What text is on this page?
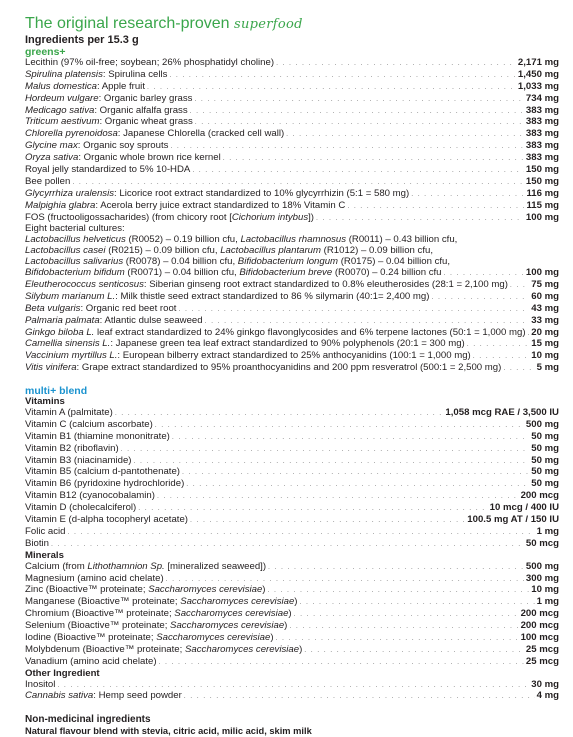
The original research-proven superfood
Ingredients per 15.3 g
greens+
Lecithin (97% oil-free; soybean; 26% phosphatidyl choline) . . .	2,171 mg
Spirulina platensis: Spirulina cells . . .	1,450 mg
Malus domestica: Apple fruit . . .	1,033 mg
Hordeum vulgare: Organic barley grass . . .	734 mg
Medicago sativa: Organic alfalfa grass . . .	383 mg
Triticum aestivum: Organic wheat grass . . .	383 mg
Chlorella pyrenoidosa: Japanese Chlorella (cracked cell wall) . . .	383 mg
Glycine max: Organic soy sprouts . . .	383 mg
Oryza sativa: Organic whole brown rice kernel . . .	383 mg
Royal jelly standardized to 5% 10-HDA . . .	150 mg
Bee pollen . . .	150 mg
Glycyrrhiza uralensis: Licorice root extract standardized to 10% glycyrrhizin (5:1 = 580 mg) . . .	116 mg
Malpighia glabra: Acerola berry juice extract standardized to 18% Vitamin C . . .	115 mg
FOS (fructooligossacharides) (from chicory root [Cichorium intybus]) . . .	100 mg
Eight bacterial cultures:
Lactobacillus helveticus (R0052) – 0.19 billion cfu, Lactobacillus rhamnosus (R0011) – 0.43 billion cfu,
Lactobacillus casei (R0215) – 0.09 billion cfu, Lactobacillus plantarum (R1012) – 0.09 billion cfu,
Lactobacillus salivarius (R0078) – 0.04 billion cfu, Bifidobacterium longum (R0175) – 0.04 billion cfu,
Bifidobacterium bifidum (R0071) – 0.04 billion cfu, Bifidobacterium breve (R0070) – 0.24 billion cfu . . .	100 mg
Eleutherococcus senticosus: Siberian ginseng root extract standardized to 0.8% eleutherosides (28:1 = 2,100 mg) . . . 75 mg
Silybum marianum L.: Milk thistle seed extract standardized to 86 % silymarin (40:1= 2,400 mg) . . .	60 mg
Beta vulgaris: Organic red beet root . . .	43 mg
Palmaria palmata: Atlantic dulse seaweed . . .	33 mg
Ginkgo biloba L. leaf extract standardized to 24% ginkgo flavonglycosides and 6% terpene lactones (50:1 = 1,000 mg) . . . 20 mg
Camellia sinensis L.: Japanese green tea leaf extract standardized to 90% polyphenols (20:1 = 300 mg) . . .	15 mg
Vaccinium myrtillus L.: European bilberry extract standardized to 25% anthocyanidins (100:1 = 1,000 mg) . . .	10 mg
Vitis vinifera: Grape extract standardized to 95% proanthocyanidins and 200 ppm resveratrol (500:1 = 2,500 mg) . . .	5 mg
multi+ blend
Vitamins
Vitamin A (palmitate) . . .	1,058 mcg RAE / 3,500 IU
Vitamin C (calcium ascorbate) . . .	500 mg
Vitamin B1 (thiamine mononitrate) . . .	50 mg
Vitamin B2 (riboflavin) . . .	50 mg
Vitamin B3 (niacinamide) . . .	50 mg
Vitamin B5 (calcium d-pantothenate) . . .	50 mg
Vitamin B6 (pyridoxine hydrochloride) . . .	50 mg
Vitamin B12 (cyanocobalamin) . . .	200 mcg
Vitamin D (cholecalciferol) . . .	10 mcg / 400 IU
Vitamin E (d-alpha tocopheryl acetate) . . .	100.5 mg AT / 150 IU
Folic acid . . .	1 mg
Biotin . . .	50 mcg
Minerals
Calcium (from Lithothamnion Sp. [mineralized seaweed]) . . .	500 mg
Magnesium (amino acid chelate) . . .	300 mg
Zinc (Bioactive™ proteinate; Saccharomyces cerevisiae) . . .	10 mg
Manganese (Bioactive™ proteinate; Saccharomyces cerevisiae) . . .	1 mg
Chromium (Bioactive™ proteinate; Saccharomyces cerevisiae) . . .	200 mcg
Selenium (Bioactive™ proteinate; Saccharomyces cerevisiae) . . .	200 mcg
Iodine (Bioactive™ proteinate; Saccharomyces cerevisiae) . . .	100 mcg
Molybdenum (Bioactive™ proteinate; Saccharomyces cerevisiae) . . .	25 mcg
Vanadium (amino acid chelate) . . .	25 mcg
Other Ingredient
Inositol . . .	30 mg
Cannabis sativa: Hemp seed powder . . .	4 mg
Non-medicinal ingredients
Natural flavour blend with stevia, citric acid, milic acid, skim milk
